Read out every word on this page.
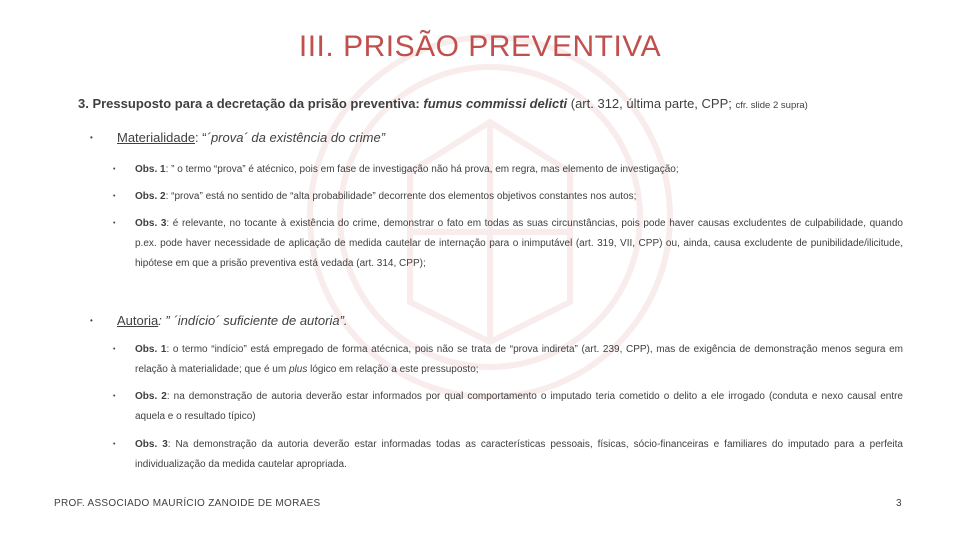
III. PRISÃO PREVENTIVA
3. Pressuposto para a decretação da prisão preventiva: fumus commissi delicti (art. 312, última parte, CPP; cfr. slide 2 supra)
• Materialidade: “´prova´ da existência do crime”
• Obs. 1: ” o termo “prova” é atécnico, pois em fase de investigação não há prova, em regra, mas elemento de investigação;
• Obs. 2: “prova” está no sentido de “alta probabilidade” decorrente dos elementos objetivos constantes nos autos;
• Obs. 3: é relevante, no tocante à existência do crime, demonstrar o fato em todas as suas circunstâncias, pois pode haver causas excludentes de culpabilidade, quando p.ex. pode haver necessidade de aplicação de medida cautelar de internação para o inimputável (art. 319, VII, CPP) ou, ainda, causa excludente de punibilidade/ilicitude, hipótese em que a prisão preventiva está vedada (art. 314, CPP);
• Autoria: ” ´indício´ suficiente de autoria”.
• Obs. 1: o termo “indício” está empregado de forma atécnica, pois não se trata de “prova indireta” (art. 239, CPP), mas de exigência de demonstração menos segura em relação à materialidade; que é um plus lógico em relação a este pressuposto;
• Obs. 2: na demonstração de autoria deverão estar informados por qual comportamento o imputado teria cometido o delito a ele irrogado (conduta e nexo causal entre aquela e o resultado típico)
• Obs. 3: Na demonstração da autoria deverão estar informadas todas as características pessoais, físicas, sócio-financeiras e familiares do imputado para a perfeita individualização da medida cautelar apropriada.
PROF. ASSOCIADO MAURÍCIO ZANOIDE DE MORAES	3
